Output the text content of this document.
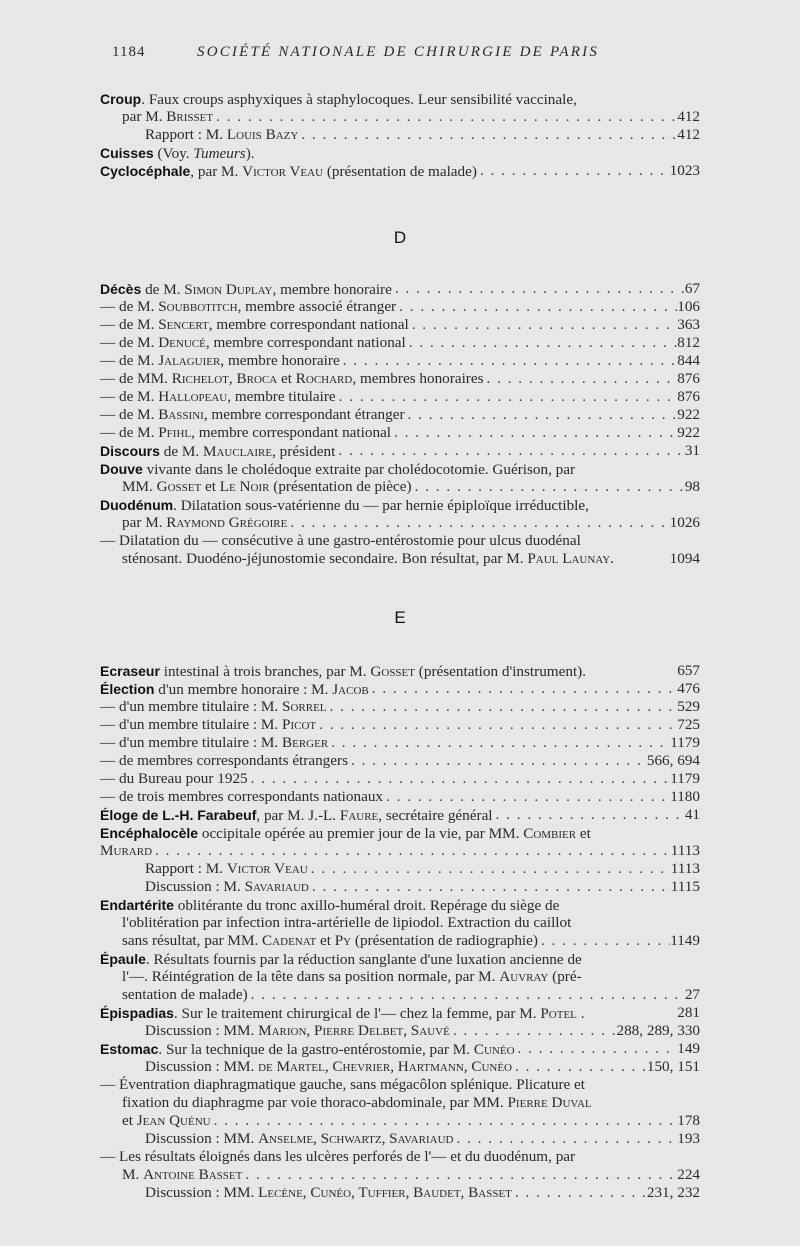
1184	SOCIÉTÉ NATIONALE DE CHIRURGIE DE PARIS
Croup. Faux croups asphyxiques à staphylocoques. Leur sensibilité vaccinale,
par M. Brisset . . .	412
Rapport : M. Louis Bazy . . .	412
Cuisses (Voy. Tumeurs).
Cyclocéphale, par M. Victor Veau (présentation de malade) . . .	1023
Décès de M. Simon Duplay, membre honoraire . . .	67
— de M. Soubbotitch, membre associé étranger . . .	106
— de M. Sencert, membre correspondant national . . .	363
— de M. Denucé, membre correspondant national . . .	812
— de M. Jalaguier, membre honoraire . . .	844
— de MM. Richelot, Broca et Rochard, membres honoraires . . .	876
— de M. Hallopeau, membre titulaire . . .	876
— de M. Bassini, membre correspondant étranger . . .	922
— de M. Pfihl, membre correspondant national . . .	922
Discours de M. Mauclaire, président . . .	31
Douve vivante dans le cholédoque extraite par cholédocotomie. Guérison, par
MM. Gosset et Le Noir (présentation de pièce) . . .	98
Duodénum. Dilatation sous-vatérienne du — par hernie épiploïque irréductible,
par M. Raymond Grégoire . . .	1026
— Dilatation du — consécutive à une gastro-entérostomie pour ulcus duodénal
sténosant. Duodéno-jéjunostomie secondaire. Bon résultat, par M. Paul Launay.	1094
Ecraseur intestinal à trois branches, par M. Gosset (présentation d'instrument).	657
Élection d'un membre honoraire : M. Jacob . . .	476
— d'un membre titulaire : M. Sorrel . . .	529
— d'un membre titulaire : M. Picot . . .	725
— d'un membre titulaire : M. Berger . . .	1179
— de membres correspondants étrangers . . .	566, 694
— du Bureau pour 1925 . . .	1179
— de trois membres correspondants nationaux . . .	1180
Éloge de L.-H. Farabeuf, par M. J.-L. Faure, secrétaire général . . .	41
Encéphalocèle occipitale opérée au premier jour de la vie, par MM. Combier et
Murard . . .	1113
Rapport : M. Victor Veau . . .	1113
Discussion : M. Savariaud . . .	1115
Endartérite oblitérante du tronc axillo-huméral droit. Repérage du siège de
l'oblitération par infection intra-artérielle de lipiodol. Extraction du caillot
sans résultat, par MM. Cadenat et Py (présentation de radiographie) . . .	1149
Épaule. Résultats fournis par la réduction sanglante d'une luxation ancienne de
l'—. Réintégration de la tête dans sa position normale, par M. Auvray (pré-
sentation de malade) . . .	27
Épispadias. Sur le traitement chirurgical de l'— chez la femme, par M. Potel .	281
Discussion : MM. Marion, Pierre Delbet, Sauvé . . .	288, 289, 330
Estomac. Sur la technique de la gastro-entérostomie, par M. Cunéo . . .	149
Discussion : MM. de Martel, Chevrier, Hartmann, Cunéo . . .	150, 151
— Éventration diaphragmatique gauche, sans mégacôlon splénique. Plicature et
fixation du diaphragme par voie thoraco-abdominale, par MM. Pierre Duval
et Jean Quénu . . .	178
Discussion : MM. Anselme, Schwartz, Savariaud . . .	193
— Les résultats éloignés dans les ulcères perforés de l'— et du duodénum, par
M. Antoine Basset . . .	224
Discussion : MM. Lecène, Cunéo, Tuffier, Baudet, Basset . . .	231, 232
D
E
